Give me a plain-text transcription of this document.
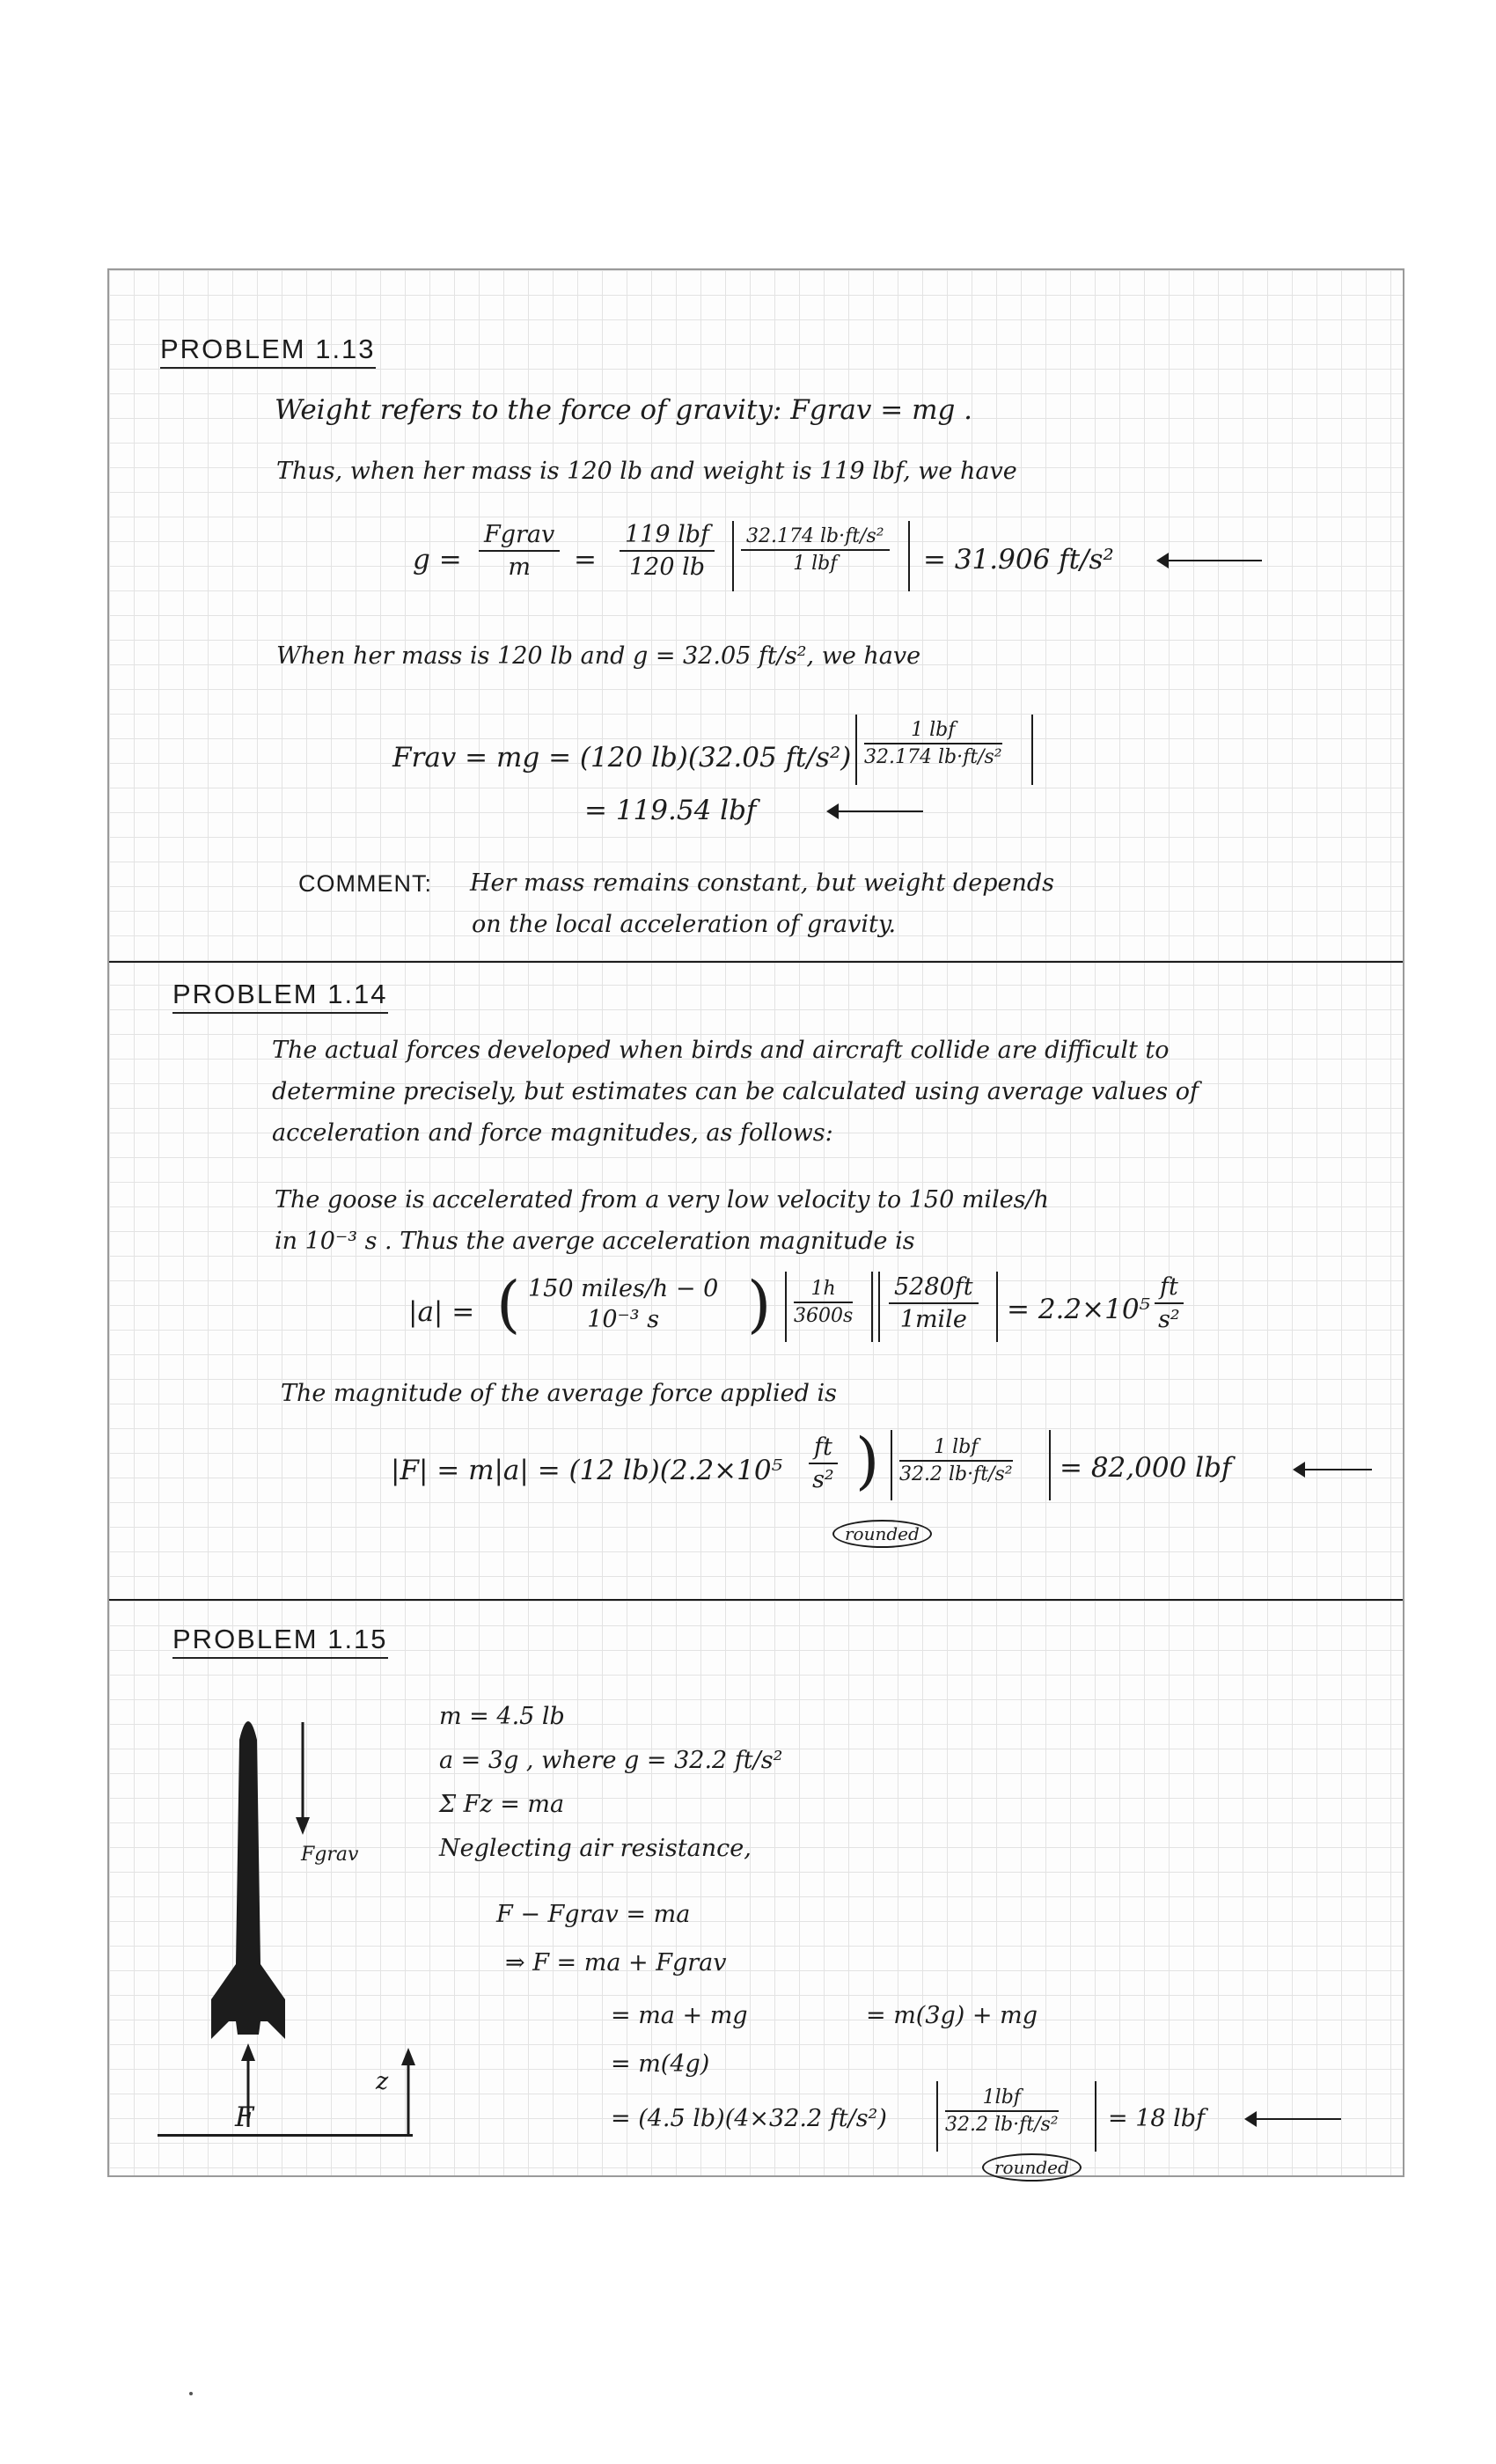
PROBLEM 1.13
Weight refers to the force of gravity: Fgrav = mg .
Thus, when her mass is 120 lb and weight is 119 lbf, we have
g =
Fgrav
m	=
119 lbf
120 lb
32.174 lb·ft/s²
1 lbf	= 31.906 ft/s²
When her mass is 120 lb and g = 32.05 ft/s², we have
Frav = mg = (120 lb)(32.05 ft/s²)
1 lbf
32.174 lb·ft/s²
= 119.54 lbf
COMMENT: Her mass remains constant, but weight depends
on the local acceleration of gravity.
PROBLEM 1.14
The actual forces developed when birds and aircraft collide are difficult to
determine precisely, but estimates can be calculated using average values of
acceleration and force magnitudes, as follows:
The goose is accelerated from a very low velocity to 150 miles/h
in 10⁻³ s . Thus the averge acceleration magnitude is
|a| = ( 150 miles/h − 0
10⁻³ s	) $\frac{1h}{3600s} 5280ft$
1mile	= $2.2\times 10^5 \frac{ft}{\text{s²}}$
The magnitude of the average force applied is
|F| = m|a| = (12 $lb)(2.2\times 10^5 \frac{ft}{\text{s²}}$ )	1 lbf
32.2 lb·ft/s² = 82,000 lbf
rounded
PROBLEM 1.15
m = 4.5 lb
a = 3g , where g = 32.2 ft/s²
Σ Fz = ma
Neglecting air resistance,
F − Fgrav = ma
⇒ F = ma + Fgrav
= ma + mg	= m(3g) + mg
= m(4g)
= (4.5 lb)(4×32.2 ft/s²)
1lbf
32.2 lb·ft/s² = 18 lbf
rounded
Fgrav
F
z
